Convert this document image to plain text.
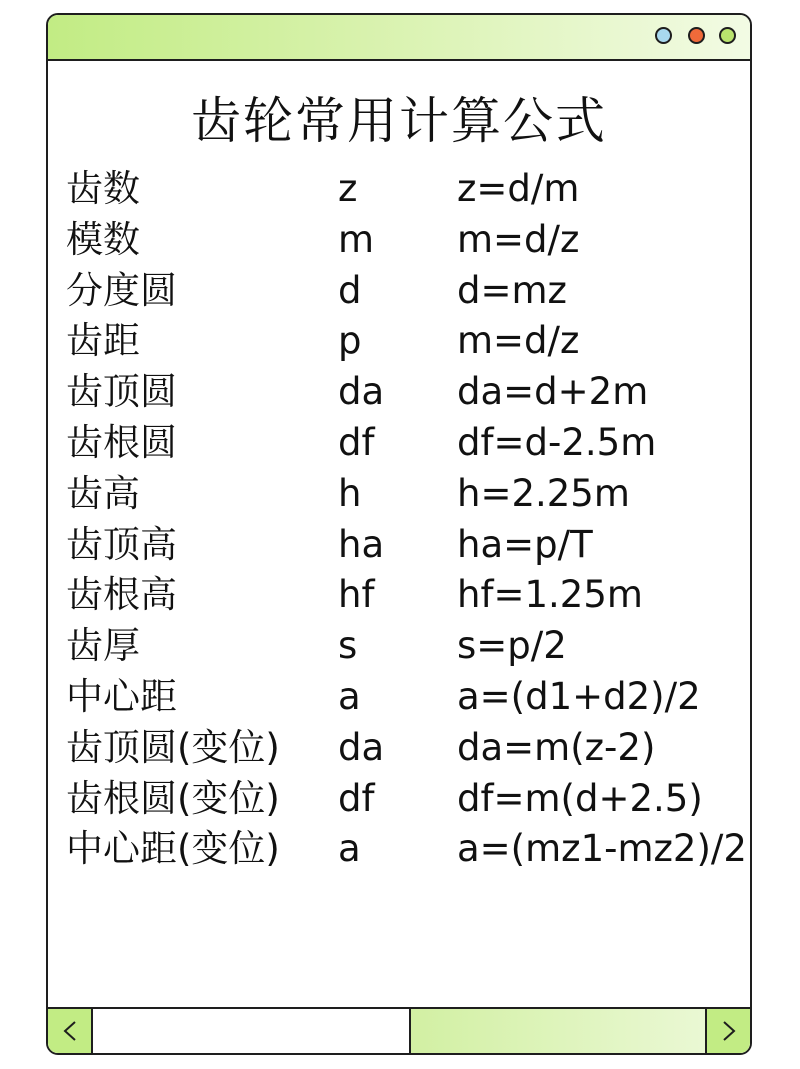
齿轮常用计算公式
齿数	z	z=d/m
模数	m m=d/z
分度圆	d	d=mz
齿距	p	m=d/z
齿顶圆	da da=d+2m
齿根圆	df df=d-2.5m
齿高	h	h=2.25m
齿顶高	ha ha=p/T
齿根高	hf hf=1.25m
齿厚	s	s=p/2
中心距	a	a=(d1+d2)/2
齿顶圆(变位) da da=m(z-2)
齿根圆(变位) df df=m(d+2.5)
中心距(变位) a	a=(mz1-mz2)/2
